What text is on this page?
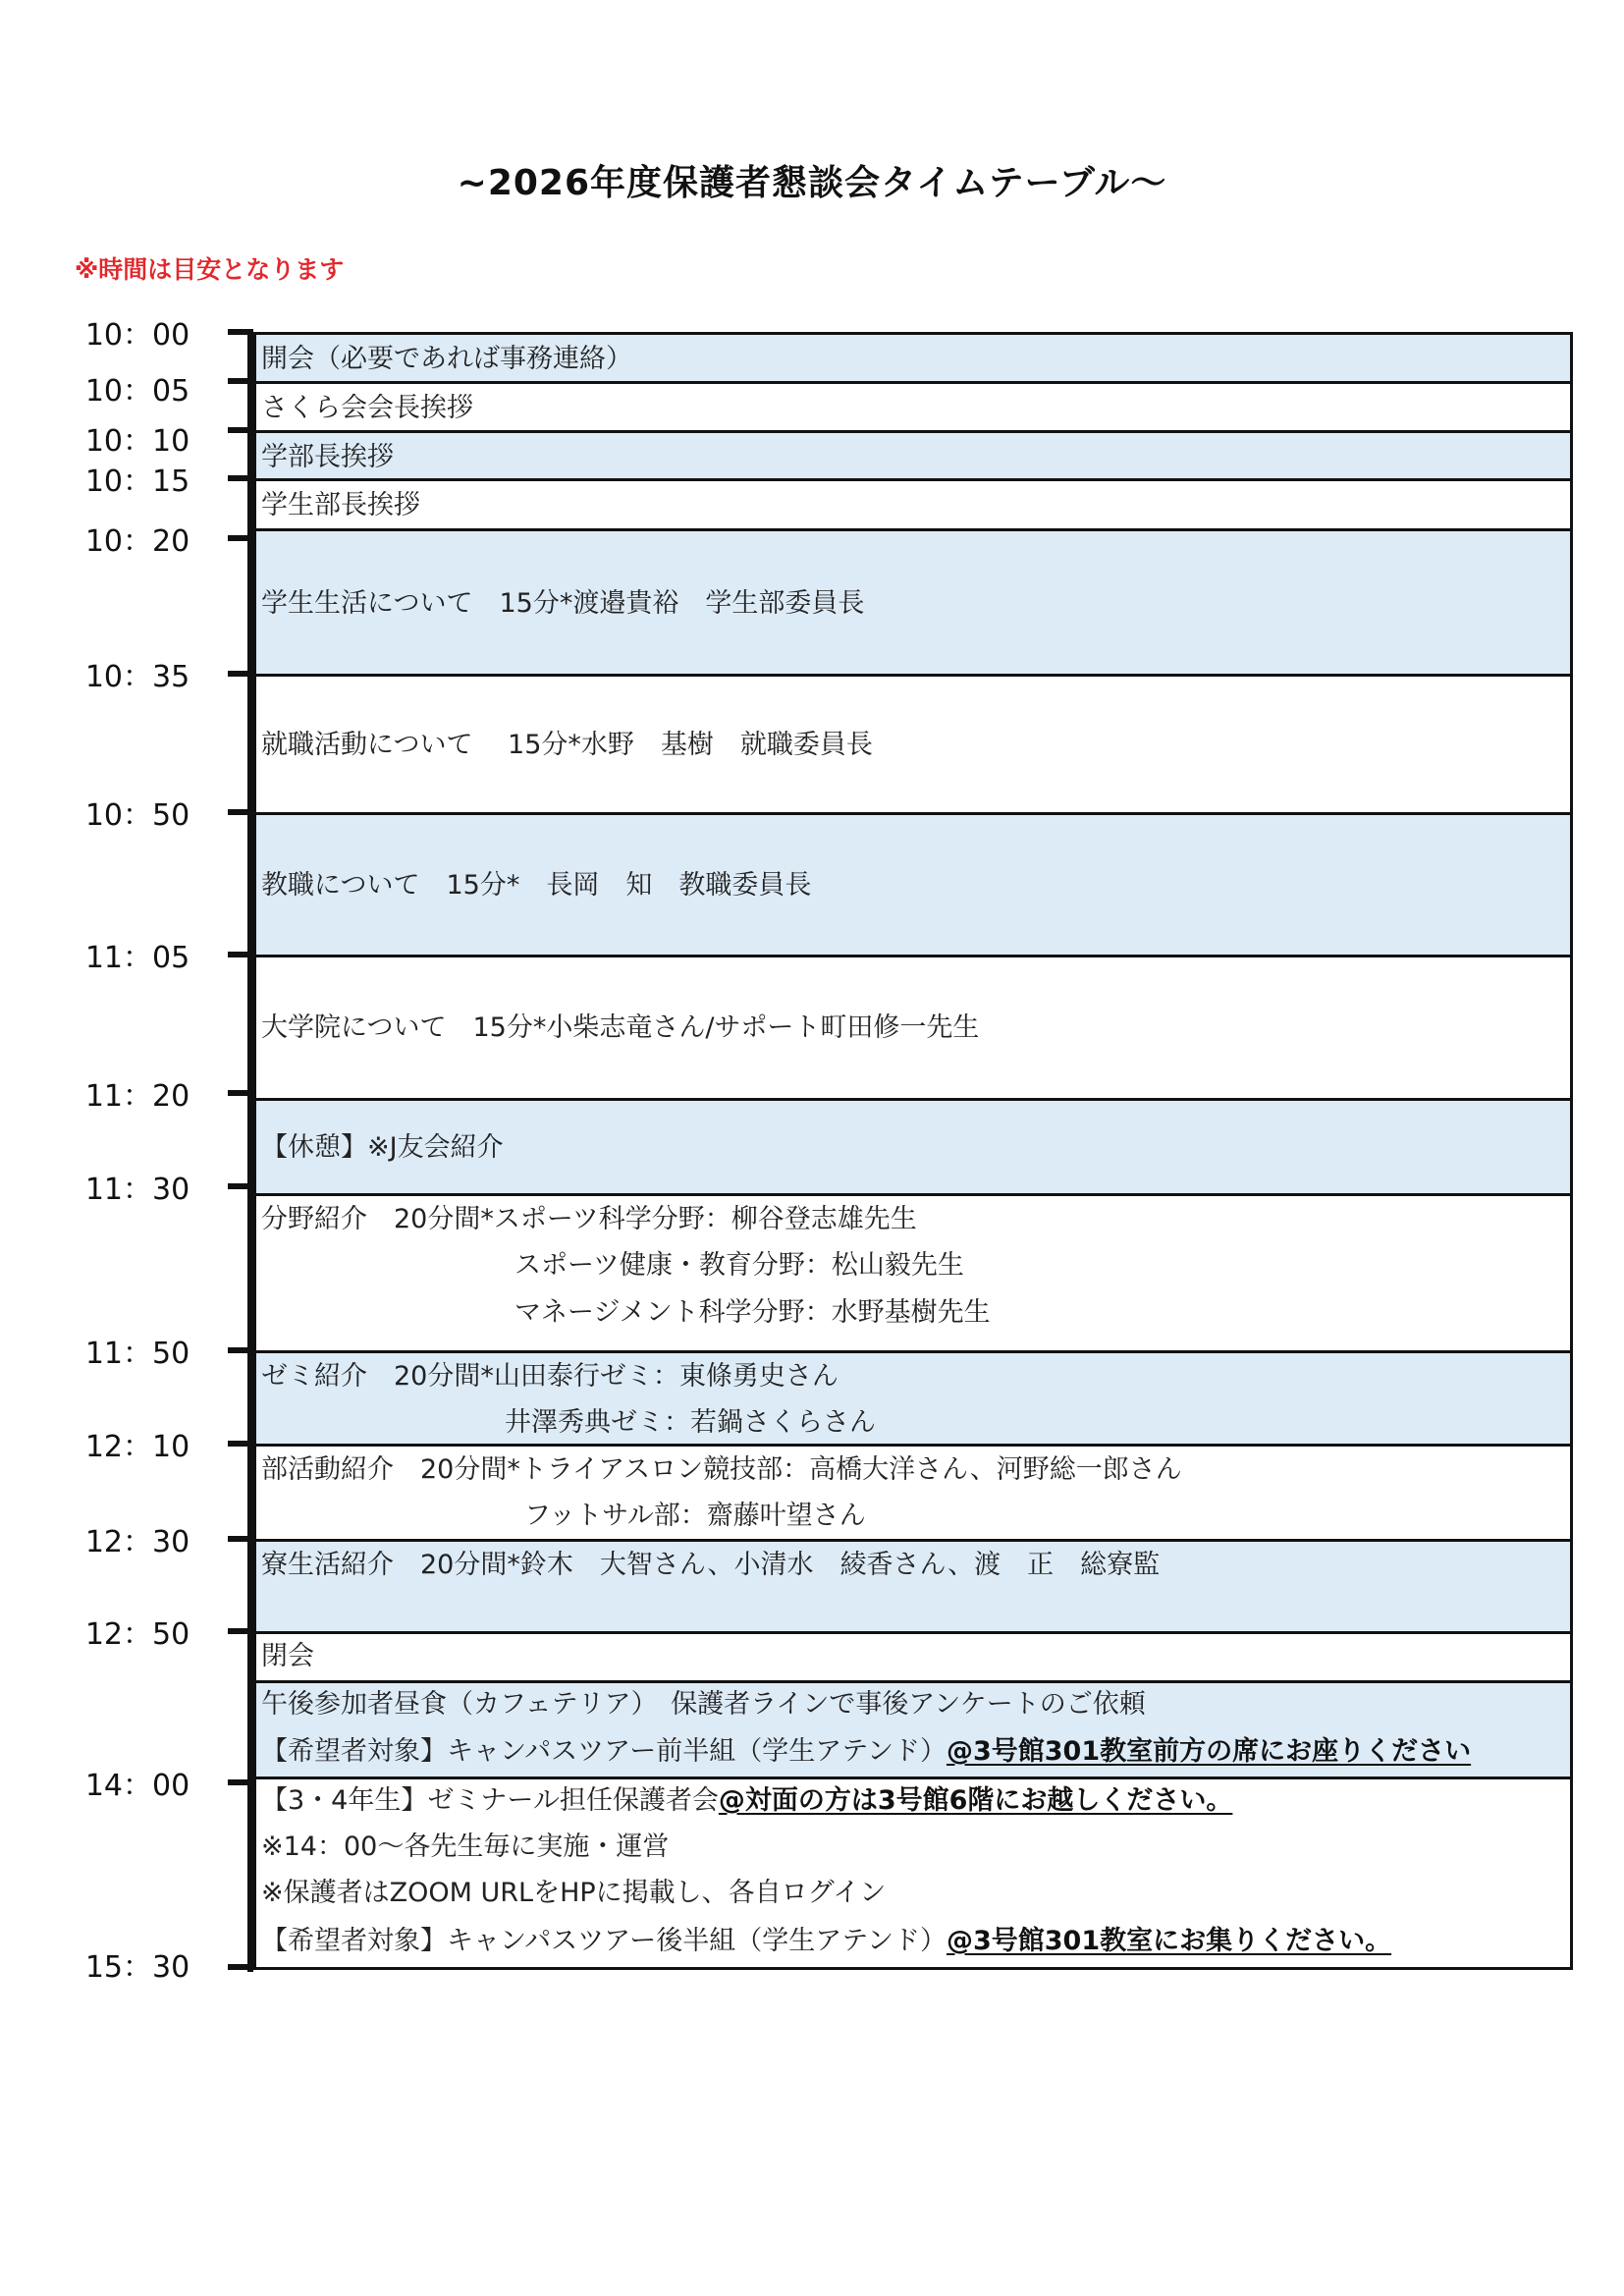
~2026年度保護者懇談会タイムテーブル～
※時間は目安となります
10：00
10：05
10：10
10：15
10：20
10：35
10：50
11：05
11：20
11：30
11：50
12：10
12：30
12：50
14：00
15：30
開会（必要であれば事務連絡）
さくら会会長挨拶
学部長挨拶
学生部長挨拶
学生生活について　15分*渡邉貴裕　学生部委員長
就職活動について　 15分*水野　基樹　就職委員長
教職について　15分*　長岡　知　教職委員長
大学院について　15分*小柴志竜さん/サポート町田修一先生
【休憩】※J友会紹介
分野紹介　20分間*スポーツ科学分野：柳谷登志雄先生
スポーツ健康・教育分野：松山毅先生
マネージメント科学分野：水野基樹先生
ゼミ紹介　20分間*山田泰行ゼミ：東條勇史さん
井澤秀典ゼミ：若鍋さくらさん
部活動紹介　20分間*トライアスロン競技部：高橋大洋さん、河野総一郎さん
フットサル部：齋藤叶望さん
寮生活紹介　20分間*鈴木　大智さん、小清水　綾香さん、渡　正　総寮監
閉会
午後参加者昼食（カフェテリア）　保護者ラインで事後アンケートのご依頼
【希望者対象】キャンパスツアー前半組（学生アテンド）@3号館301教室前方の席にお座りください
【3・4年生】ゼミナール担任保護者会@対面の方は3号館6階にお越しください。
※14：00～各先生毎に実施・運営
※保護者はZOOM URLをHPに掲載し、各自ログイン
【希望者対象】キャンパスツアー後半組（学生アテンド）@3号館301教室にお集りください。
